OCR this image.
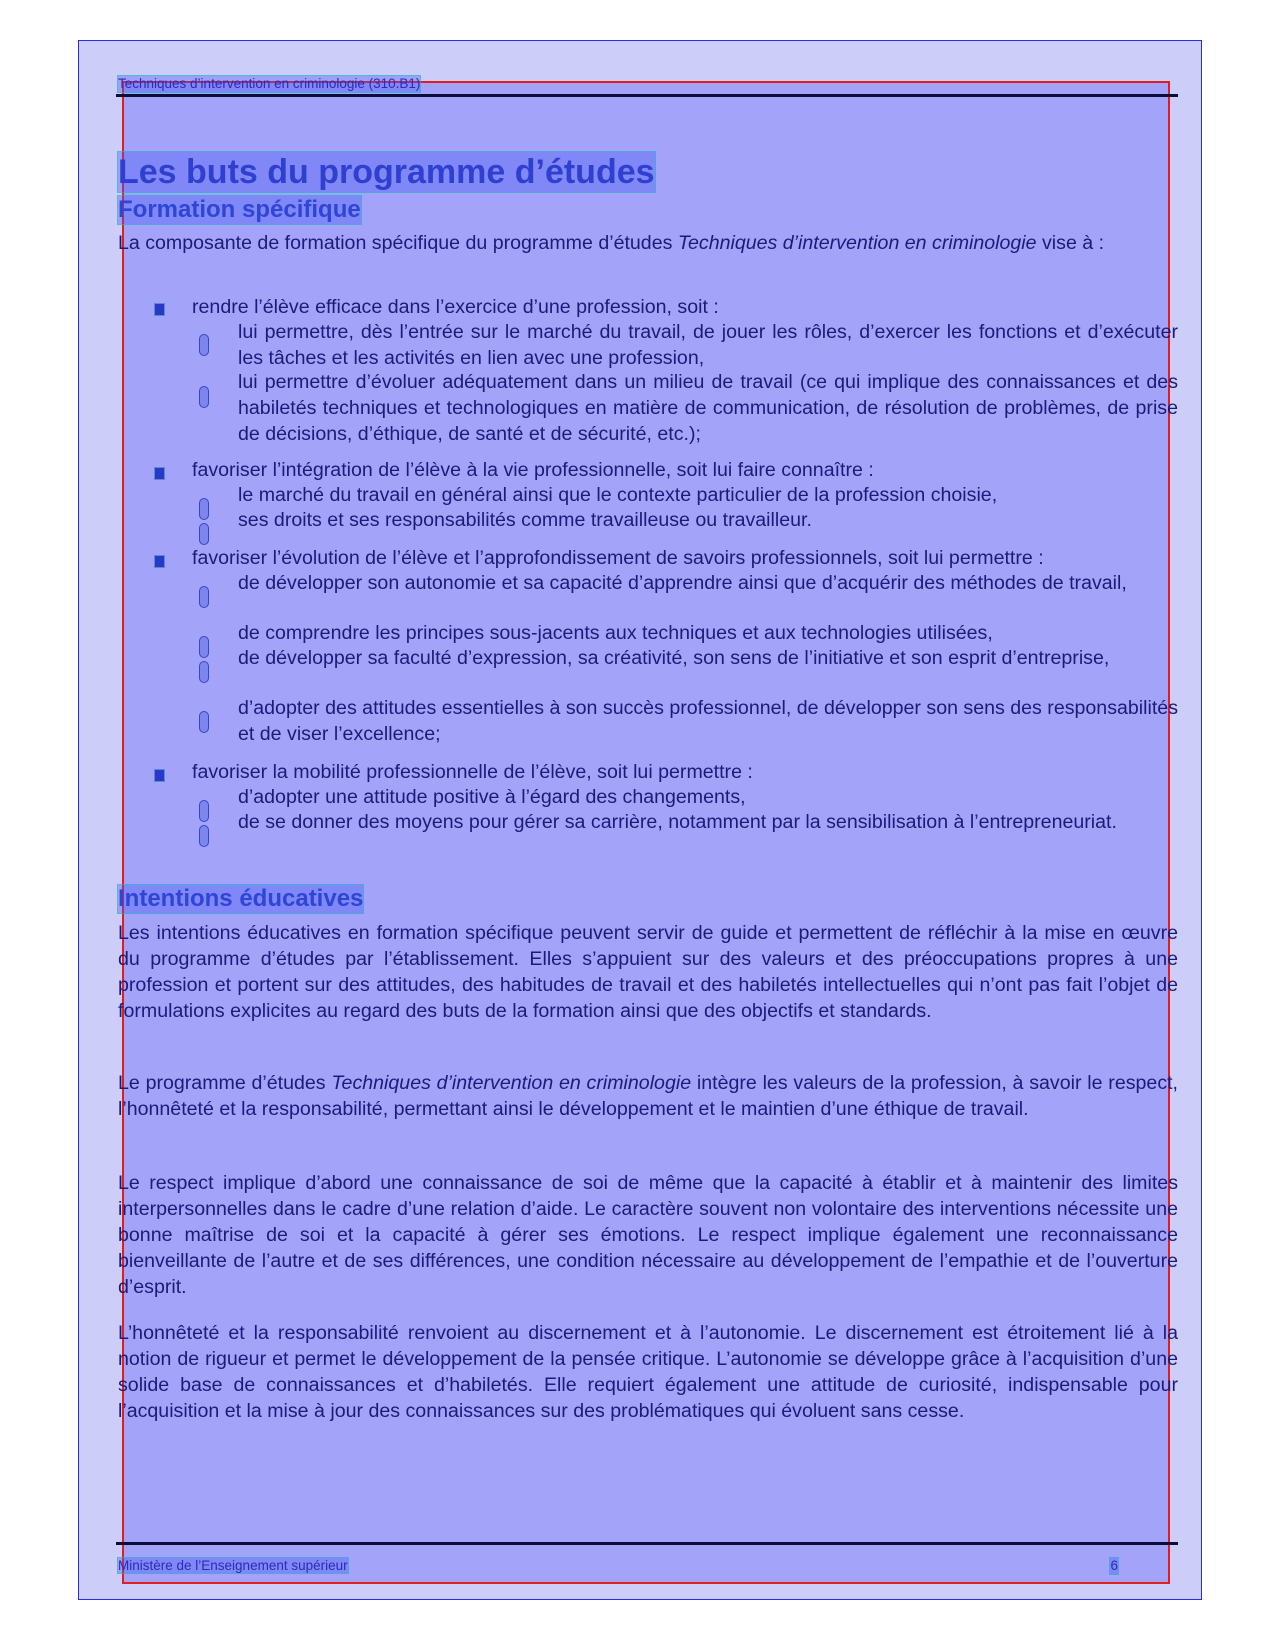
Techniques d’intervention en criminologie (310.B1)
Les buts du programme d’études
Formation spécifique
La composante de formation spécifique du programme d’études Techniques d’intervention en criminologie vise à :
rendre l’élève efficace dans l’exercice d’une profession, soit :
lui permettre, dès l’entrée sur le marché du travail, de jouer les rôles, d’exercer les fonctions et d’exécuter les tâches et les activités en lien avec une profession,
lui permettre d’évoluer adéquatement dans un milieu de travail (ce qui implique des connaissances et des habiletés techniques et technologiques en matière de communication, de résolution de problèmes, de prise de décisions, d’éthique, de santé et de sécurité, etc.);
favoriser l’intégration de l’élève à la vie professionnelle, soit lui faire connaître :
le marché du travail en général ainsi que le contexte particulier de la profession choisie,
ses droits et ses responsabilités comme travailleuse ou travailleur.
favoriser l’évolution de l’élève et l’approfondissement de savoirs professionnels, soit lui permettre :
de développer son autonomie et sa capacité d’apprendre ainsi que d’acquérir des méthodes de travail,
de comprendre les principes sous-jacents aux techniques et aux technologies utilisées,
de développer sa faculté d’expression, sa créativité, son sens de l’initiative et son esprit d’entreprise,
d’adopter des attitudes essentielles à son succès professionnel, de développer son sens des responsabilités et de viser l’excellence;
favoriser la mobilité professionnelle de l’élève, soit lui permettre :
d’adopter une attitude positive à l’égard des changements,
de se donner des moyens pour gérer sa carrière, notamment par la sensibilisation à l’entrepreneuriat.
Intentions éducatives
Les intentions éducatives en formation spécifique peuvent servir de guide et permettent de réfléchir à la mise en œuvre du programme d’études par l’établissement. Elles s’appuient sur des valeurs et des préoccupations propres à une profession et portent sur des attitudes, des habitudes de travail et des habiletés intellectuelles qui n’ont pas fait l’objet de formulations explicites au regard des buts de la formation ainsi que des objectifs et standards.
Le programme d’études Techniques d’intervention en criminologie intègre les valeurs de la profession, à savoir le respect, l’honnêteté et la responsabilité, permettant ainsi le développement et le maintien d’une éthique de travail.
Le respect implique d’abord une connaissance de soi de même que la capacité à établir et à maintenir des limites interpersonnelles dans le cadre d’une relation d’aide. Le caractère souvent non volontaire des interventions nécessite une bonne maîtrise de soi et la capacité à gérer ses émotions. Le respect implique également une reconnaissance bienveillante de l’autre et de ses différences, une condition nécessaire au développement de l’empathie et de l’ouverture d’esprit.
L’honnêteté et la responsabilité renvoient au discernement et à l’autonomie. Le discernement est étroitement lié à la notion de rigueur et permet le développement de la pensée critique. L’autonomie se développe grâce à l’acquisition d’une solide base de connaissances et d’habiletés. Elle requiert également une attitude de curiosité, indispensable pour l’acquisition et la mise à jour des connaissances sur des problématiques qui évoluent sans cesse.
Ministère de l’Enseignement supérieur	6
